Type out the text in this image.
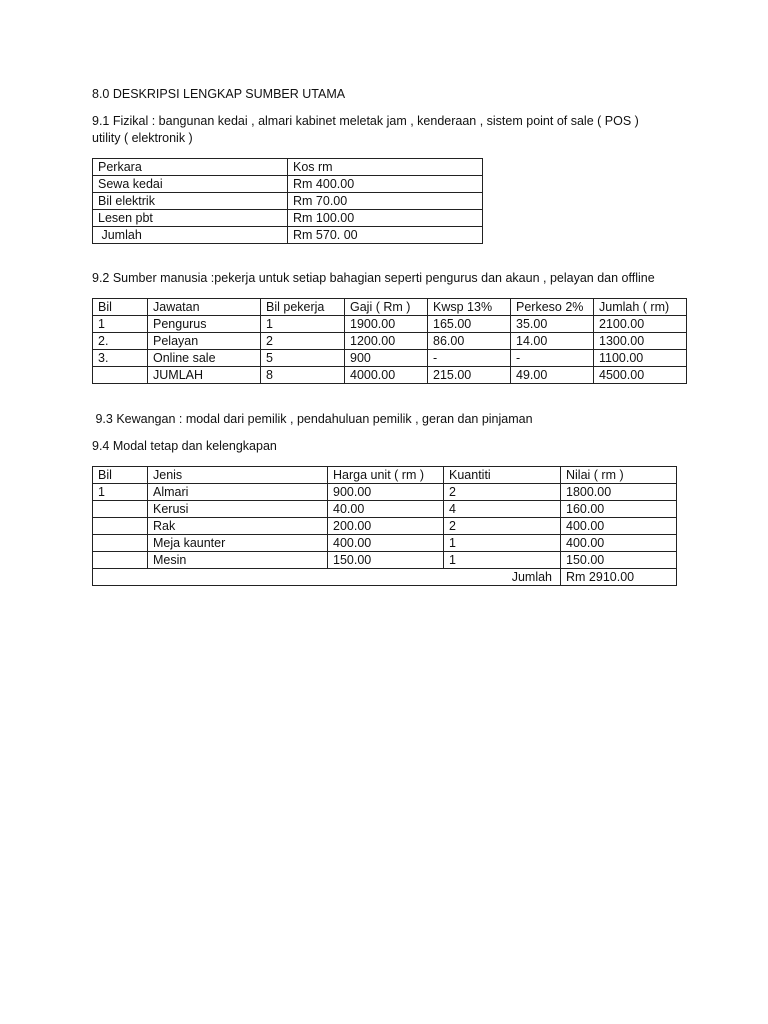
8.0 DESKRIPSI LENGKAP SUMBER UTAMA
9.1 Fizikal : bangunan kedai , almari kabinet meletak jam , kenderaan , sistem point of sale ( POS )
utility ( elektronik )
Perkara	Kos rm
Sewa kedai	Rm 400.00
Bil elektrik	Rm 70.00
Lesen pbt	Rm 100.00
Jumlah	Rm 570. 00
9.2 Sumber manusia :pekerja untuk setiap bahagian seperti pengurus dan akaun , pelayan dan offline
Bil	Jawatan	Bil pekerja	Gaji ( Rm )	Kwsp 13%	Perkeso 2%	Jumlah ( rm)
1	Pengurus	1	1900.00	165.00	35.00	2100.00
2.	Pelayan	2	1200.00	86.00	14.00	1300.00
3.	Online sale	5	900	-	-	1100.00
	JUMLAH	8	4000.00	215.00	49.00	4500.00
9.3 Kewangan : modal dari pemilik , pendahuluan pemilik , geran dan pinjaman
9.4 Modal tetap dan kelengkapan
Bil	Jenis	Harga unit ( rm )	Kuantiti	Nilai ( rm )
1	Almari	900.00	2	1800.00
	Kerusi	40.00	4	160.00
	Rak	200.00	2	400.00
	Meja kaunter	400.00	1	400.00
	Mesin	150.00	1	150.00
Jumlah				Rm 2910.00
